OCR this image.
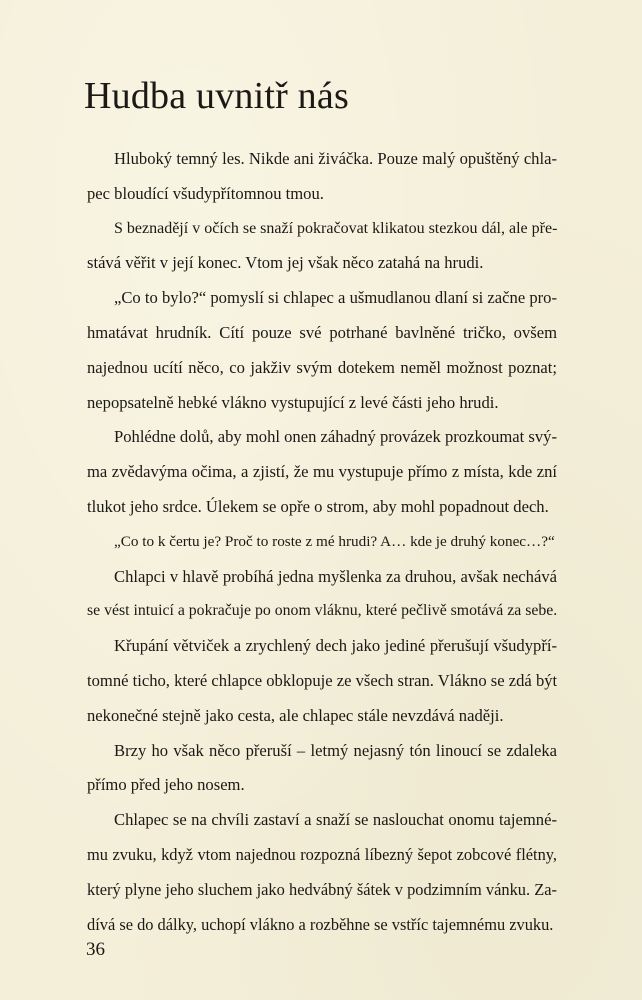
Hudba uvnitř nás
Hluboký temný les. Nikde ani živáčka. Pouze malý opuštěný chla-
pec bloudící všudypřítomnou tmou.
S beznadějí v očích se snaží pokračovat klikatou stezkou dál, ale pře-
stává věřit v její konec. Vtom jej však něco zatahá na hrudi.
„Co to bylo?“ pomyslí si chlapec a ušmudlanou dlaní si začne pro-
hmatávat hrudník. Cítí pouze své potrhané bavlněné tričko, ovšem
najednou ucítí něco, co jakživ svým dotekem neměl možnost poznat;
nepopsatelně hebké vlákno vystupující z levé části jeho hrudi.
Pohlédne dolů, aby mohl onen záhadný provázek prozkoumat svý-
ma zvědavýma očima, a zjistí, že mu vystupuje přímo z místa, kde zní
tlukot jeho srdce. Úlekem se opře o strom, aby mohl popadnout dech.
„Co to k čertu je? Proč to roste z mé hrudi? A… kde je druhý konec…?“
Chlapci v hlavě probíhá jedna myšlenka za druhou, avšak nechává
se vést intuicí a pokračuje po onom vláknu, které pečlivě smotává za sebe.
Křupání větviček a zrychlený dech jako jediné přerušují všudypří-
tomné ticho, které chlapce obklopuje ze všech stran. Vlákno se zdá být
nekonečné stejně jako cesta, ale chlapec stále nevzdává naději.
Brzy ho však něco přeruší – letmý nejasný tón linoucí se zdaleka
přímo před jeho nosem.
Chlapec se na chvíli zastaví a snaží se naslouchat onomu tajemné-
mu zvuku, když vtom najednou rozpozná líbezný šepot zobcové flétny,
který plyne jeho sluchem jako hedvábný šátek v podzimním vánku. Za-
dívá se do dálky, uchopí vlákno a rozběhne se vstříc tajemnému zvuku.
36
